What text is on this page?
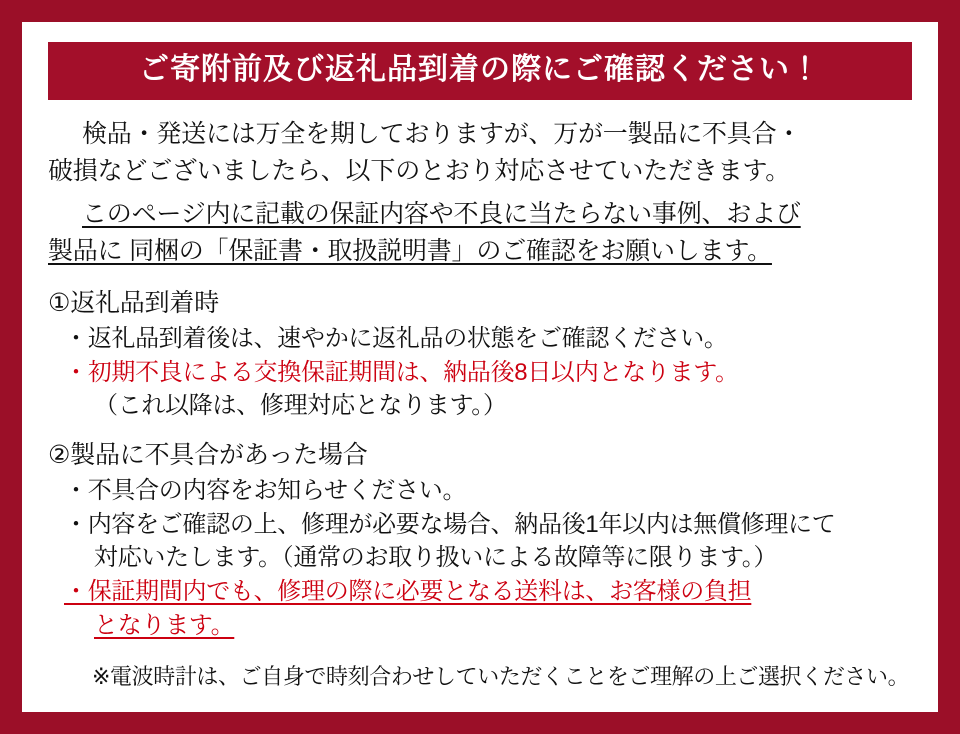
ご寄附前及び返礼品到着の際にご確認ください！
検品・発送には万全を期しておりますが、万が一製品に不具合・
破損などございましたら、以下のとおり対応させていただきます。
このページ内に記載の保証内容や不良に当たらない事例、および
製品に 同梱の「保証書・取扱説明書」のご確認をお願いします。
①返礼品到着時
・返礼品到着後は、速やかに返礼品の状態をご確認ください。
・初期不良による交換保証期間は、納品後8日以内となります。
（これ以降は、修理対応となります。）
②製品に不具合があった場合
・不具合の内容をお知らせください。
・内容をご確認の上、修理が必要な場合、納品後1年以内は無償修理にて
対応いたします。（通常のお取り扱いによる故障等に限ります。）
・保証期間内でも、修理の際に必要となる送料は、お客様の負担
となります。
※電波時計は、ご自身で時刻合わせしていただくことをご理解の上ご選択ください。
